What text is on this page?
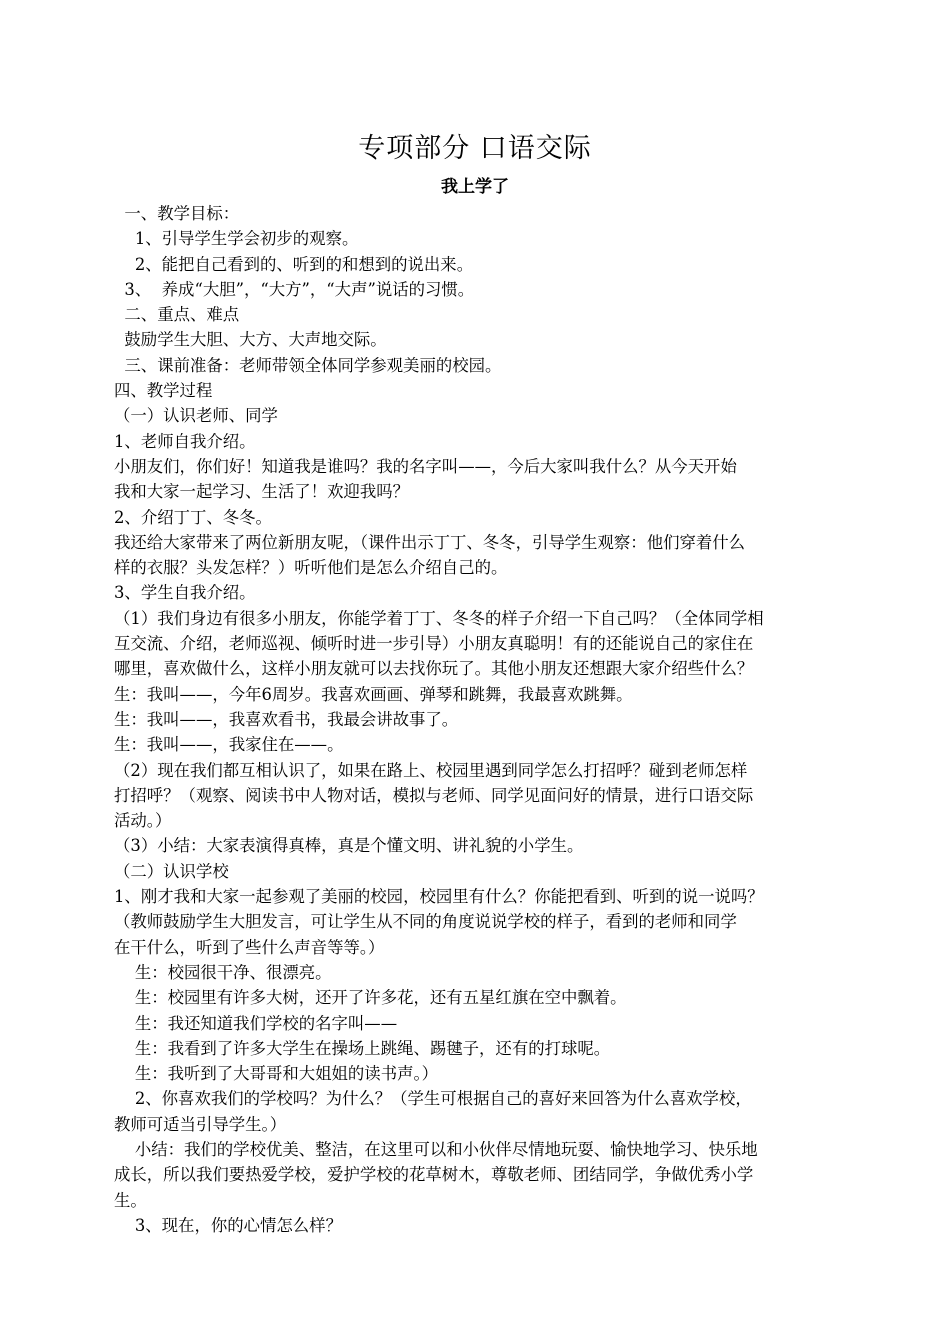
专项部分 口语交际
我上学了
一、教学目标：
1、引导学生学会初步的观察。
2、能把自己看到的、听到的和想到的说出来。
3、  养成“大胆”，“大方”，“大声”说话的习惯。
二、重点、难点
鼓励学生大胆、大方、大声地交际。
三、课前准备：老师带领全体同学参观美丽的校园。
四、教学过程
（一）认识老师、同学
1、老师自我介绍。
小朋友们，你们好！知道我是谁吗？我的名字叫——，今后大家叫我什么？从今天开始
我和大家一起学习、生活了！欢迎我吗？
2、介绍丁丁、冬冬。
我还给大家带来了两位新朋友呢，（课件出示丁丁、冬冬，引导学生观察：他们穿着什么
样的衣服？头发怎样？）听听他们是怎么介绍自己的。
3、学生自我介绍。
（1）我们身边有很多小朋友，你能学着丁丁、冬冬的样子介绍一下自己吗？（全体同学相
互交流、介绍，老师巡视、倾听时进一步引导）小朋友真聪明！有的还能说自己的家住在
哪里，喜欢做什么，这样小朋友就可以去找你玩了。其他小朋友还想跟大家介绍些什么？
生：我叫——，今年6周岁。我喜欢画画、弹琴和跳舞，我最喜欢跳舞。
生：我叫——，我喜欢看书，我最会讲故事了。
生：我叫——，我家住在——。
（2）现在我们都互相认识了，如果在路上、校园里遇到同学怎么打招呼？碰到老师怎样
打招呼？（观察、阅读书中人物对话，模拟与老师、同学见面问好的情景，进行口语交际
活动。）
（3）小结：大家表演得真棒，真是个懂文明、讲礼貌的小学生。
（二）认识学校
1、刚才我和大家一起参观了美丽的校园，校园里有什么？你能把看到、听到的说一说吗？
（教师鼓励学生大胆发言，可让学生从不同的角度说说学校的样子，看到的老师和同学
在干什么，听到了些什么声音等等。）
生：校园很干净、很漂亮。
生：校园里有许多大树，还开了许多花，还有五星红旗在空中飘着。
生：我还知道我们学校的名字叫——
生：我看到了许多大学生在操场上跳绳、踢毽子，还有的打球呢。
生：我听到了大哥哥和大姐姐的读书声。）
2、你喜欢我们的学校吗？为什么？（学生可根据自己的喜好来回答为什么喜欢学校，
教师可适当引导学生。）
小结：我们的学校优美、整洁，在这里可以和小伙伴尽情地玩耍、愉快地学习、快乐地
成长，所以我们要热爱学校，爱护学校的花草树木，尊敬老师、团结同学，争做优秀小学
生。
3、现在，你的心情怎么样？
